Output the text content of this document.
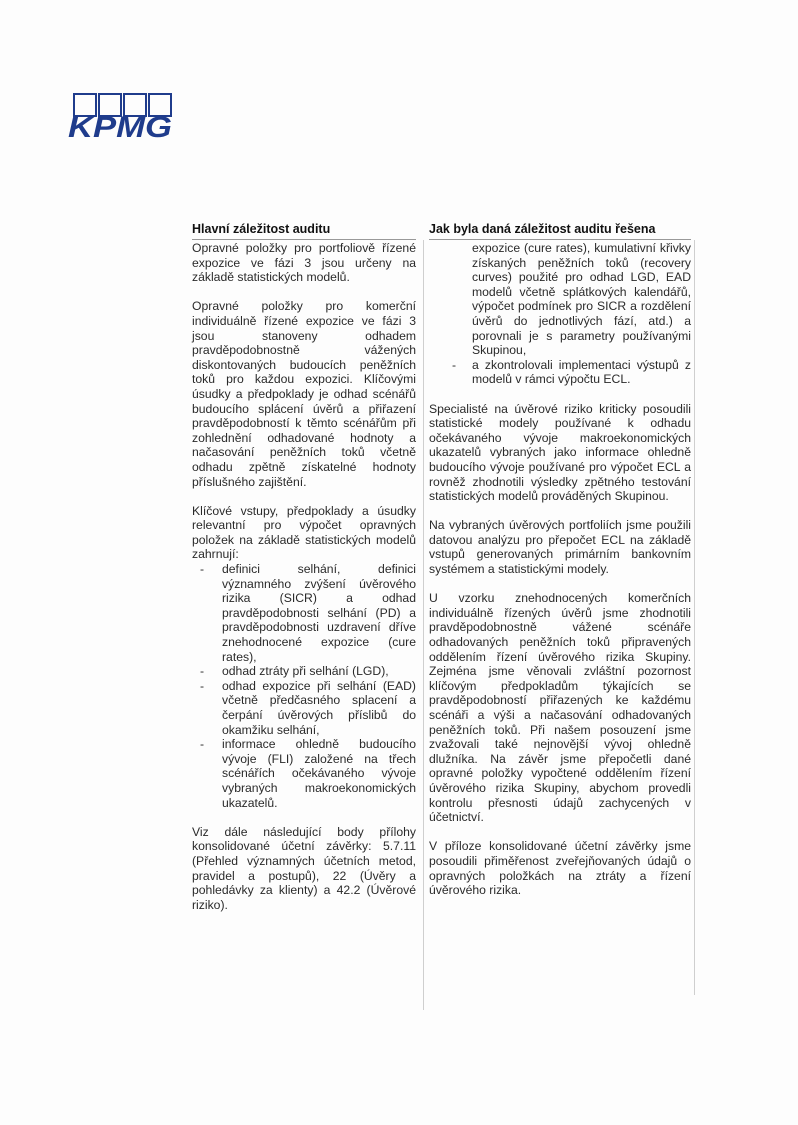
KPMG
Hlavní záležitost auditu

Opravné položky pro portfoliově řízené expozice ve fázi 3 jsou určeny na základě statistických modelů.

Opravné položky pro komerční individuálně řízené expozice ve fázi 3 jsou stanoveny odhadem pravděpodobnostně vážených diskontovaných budoucích peněžních toků pro každou expozici. Klíčovými úsudky a předpoklady je odhad scénářů budoucího splácení úvěrů a přiřazení pravděpodobností k těmto scénářům při zohlednění odhadované hodnoty a načasování peněžních toků včetně odhadu zpětně získatelné hodnoty příslušného zajištění.

Klíčové vstupy, předpoklady a úsudky relevantní pro výpočet opravných položek na základě statistických modelů zahrnují:

- definici selhání, definici významného zvýšení úvěrového rizika (SICR) a odhad pravděpodobnosti selhání (PD) a pravděpodobnosti uzdravení dříve znehodnocené expozice (cure rates),
- odhad ztráty při selhání (LGD),
- odhad expozice při selhání (EAD) včetně předčasného splacení a čerpání úvěrových příslibů do okamžiku selhání,
- informace ohledně budoucího vývoje (FLI) založené na třech scénářích očekávaného vývoje vybraných makroekonomických ukazatelů.

Viz dále následující body přílohy konsolidované účetní závěrky: 5.7.11 (Přehled významných účetních metod, pravidel a postupů), 22 (Úvěry a pohledávky za klienty) a 42.2 (Úvěrové riziko).

Jak byla daná záležitost auditu řešena

expozice (cure rates), kumulativní křivky získaných peněžních toků (recovery curves) použité pro odhad LGD, EAD modelů včetně splátkových kalendářů, výpočet podmínek pro SICR a rozdělení úvěrů do jednotlivých fází, atd.) a porovnali je s parametry používanými Skupinou,

- a zkontrolovali implementaci výstupů z modelů v rámci výpočtu ECL.

Specialisté na úvěrové riziko kriticky posoudili statistické modely používané k odhadu očekávaného vývoje makroekonomických ukazatelů vybraných jako informace ohledně budoucího vývoje používané pro výpočet ECL a rovněž zhodnotili výsledky zpětného testování statistických modelů prováděných Skupinou.

Na vybraných úvěrových portfoliích jsme použili datovou analýzu pro přepočet ECL na základě vstupů generovaných primárním bankovním systémem a statistickými modely.

U vzorku znehodnocených komerčních individuálně řízených úvěrů jsme zhodnotili pravděpodobnostně vážené scénáře odhadovaných peněžních toků připravených oddělením řízení úvěrového rizika Skupiny. Zejména jsme věnovali zvláštní pozornost klíčovým předpokladům týkajících se pravděpodobností přiřazených ke každému scénáři a výši a načasování odhadovaných peněžních toků. Při našem posouzení jsme zvažovali také nejnovější vývoj ohledně dlužníka. Na závěr jsme přepočetli dané opravné položky vypočtené oddělením řízení úvěrového rizika Skupiny, abychom provedli kontrolu přesnosti údajů zachycených v účetnictví.

V příloze konsolidované účetní závěrky jsme posoudili přiměřenost zveřejňovaných údajů o opravných položkách na ztráty a řízení úvěrového rizika.
